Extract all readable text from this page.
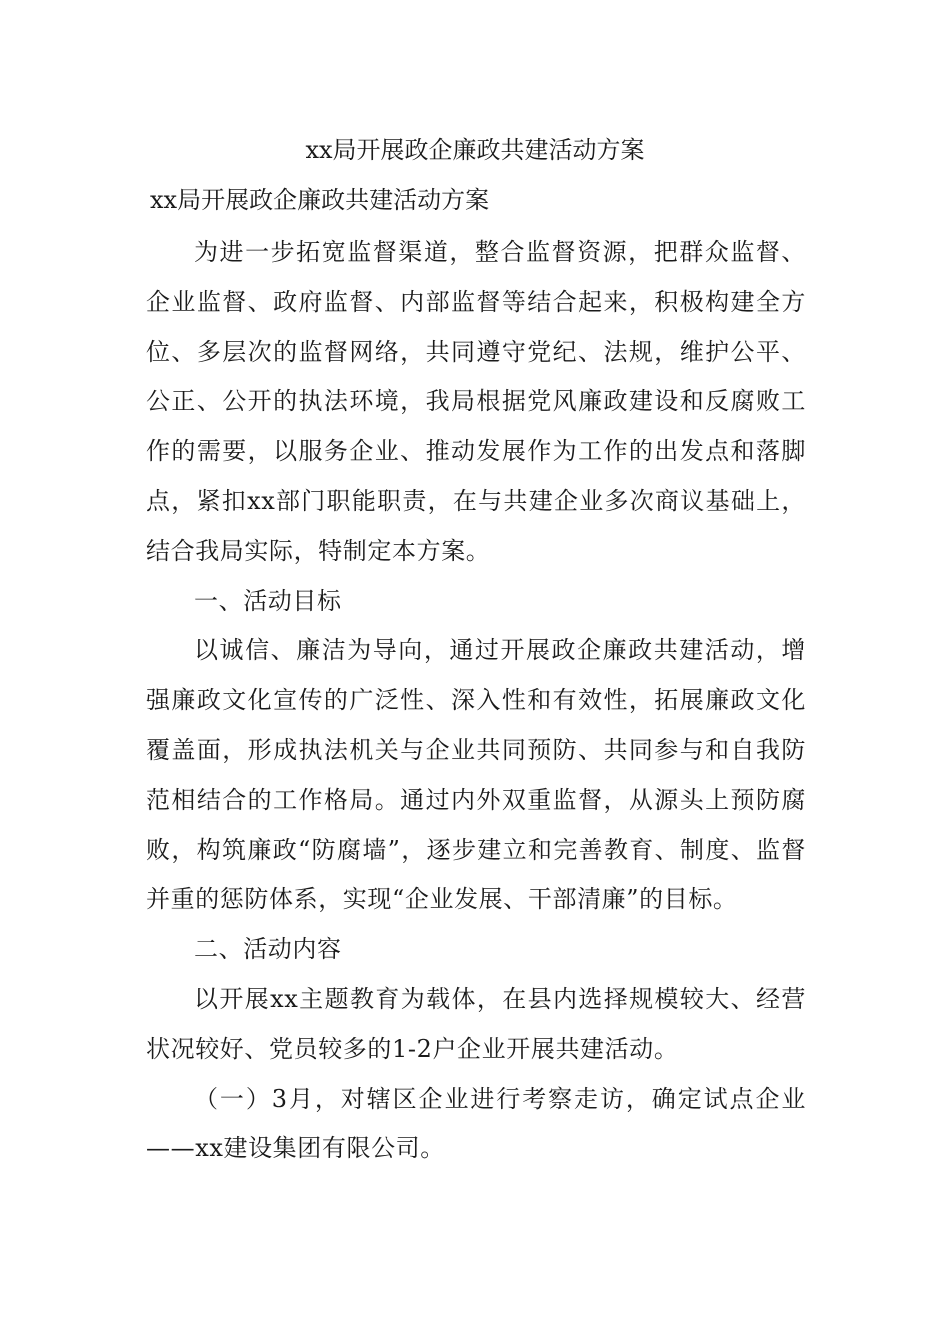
xx局开展政企廉政共建活动方案
xx局开展政企廉政共建活动方案

为进一步拓宽监督渠道，整合监督资源，把群众监督、企业监督、政府监督、内部监督等结合起来，积极构建全方位、多层次的监督网络，共同遵守党纪、法规，维护公平、公正、公开的执法环境，我局根据党风廉政建设和反腐败工作的需要，以服务企业、推动发展作为工作的出发点和落脚点，紧扣xx部门职能职责，在与共建企业多次商议基础上，结合我局实际，特制定本方案。

一、活动目标

以诚信、廉洁为导向，通过开展政企廉政共建活动，增强廉政文化宣传的广泛性、深入性和有效性，拓展廉政文化覆盖面，形成执法机关与企业共同预防、共同参与和自我防范相结合的工作格局。通过内外双重监督，从源头上预防腐败，构筑廉政“防腐墙”，逐步建立和完善教育、制度、监督并重的惩防体系，实现“企业发展、干部清廉”的目标。

二、活动内容

以开展xx主题教育为载体，在县内选择规模较大、经营状况较好、党员较多的1-2户企业开展共建活动。

（一）3月，对辖区企业进行考察走访，确定试点企业——xx建设集团有限公司。
